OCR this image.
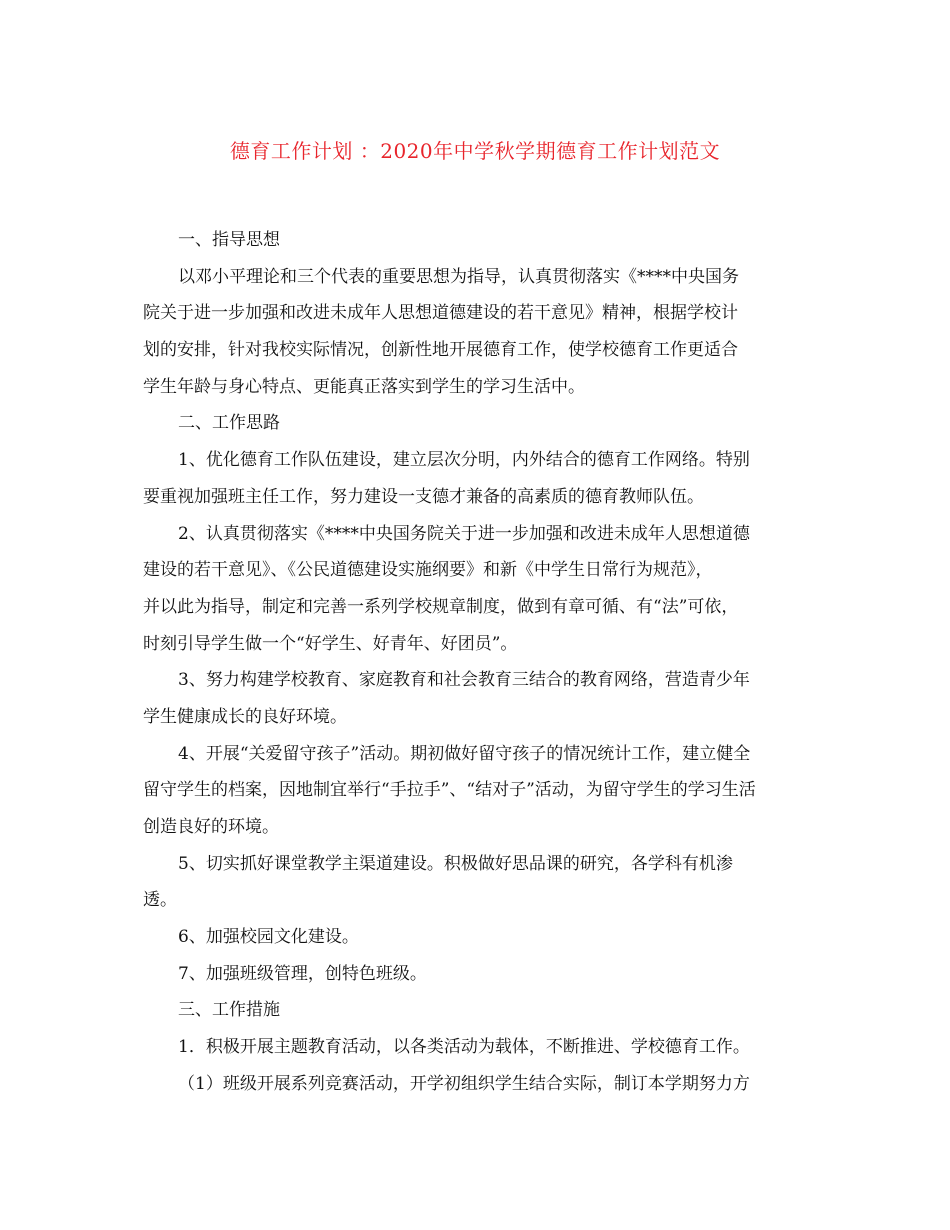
德育工作计划 ：2020年中学秋学期德育工作计划范文
一、指导思想
以邓小平理论和三个代表的重要思想为指导，认真贯彻落实《****中央国务
院关于进一步加强和改进未成年人思想道德建设的若干意见》精神，根据学校计
划的安排，针对我校实际情况，创新性地开展德育工作，使学校德育工作更适合
学生年龄与身心特点、更能真正落实到学生的学习生活中。
二、工作思路
1、优化德育工作队伍建设，建立层次分明，内外结合的德育工作网络。特别
要重视加强班主任工作，努力建设一支德才兼备的高素质的德育教师队伍。
2、认真贯彻落实《****中央国务院关于进一步加强和改进未成年人思想道德
建设的若干意见》、《公民道德建设实施纲要》和新《中学生日常行为规范》，
并以此为指导，制定和完善一系列学校规章制度，做到有章可循、有“法”可依，
时刻引导学生做一个“好学生、好青年、好团员”。
3、努力构建学校教育、家庭教育和社会教育三结合的教育网络，营造青少年
学生健康成长的良好环境。
4、开展“关爱留守孩子”活动。期初做好留守孩子的情况统计工作，建立健全
留守学生的档案，因地制宜举行“手拉手”、“结对子”活动，为留守学生的学习生活
创造良好的环境。
5、切实抓好课堂教学主渠道建设。积极做好思品课的研究，各学科有机渗
透。
6、加强校园文化建设。
7、加强班级管理，创特色班级。
三、工作措施
1．积极开展主题教育活动，以各类活动为载体，不断推进、学校德育工作。
（1）班级开展系列竞赛活动，开学初组织学生结合实际，制订本学期努力方
